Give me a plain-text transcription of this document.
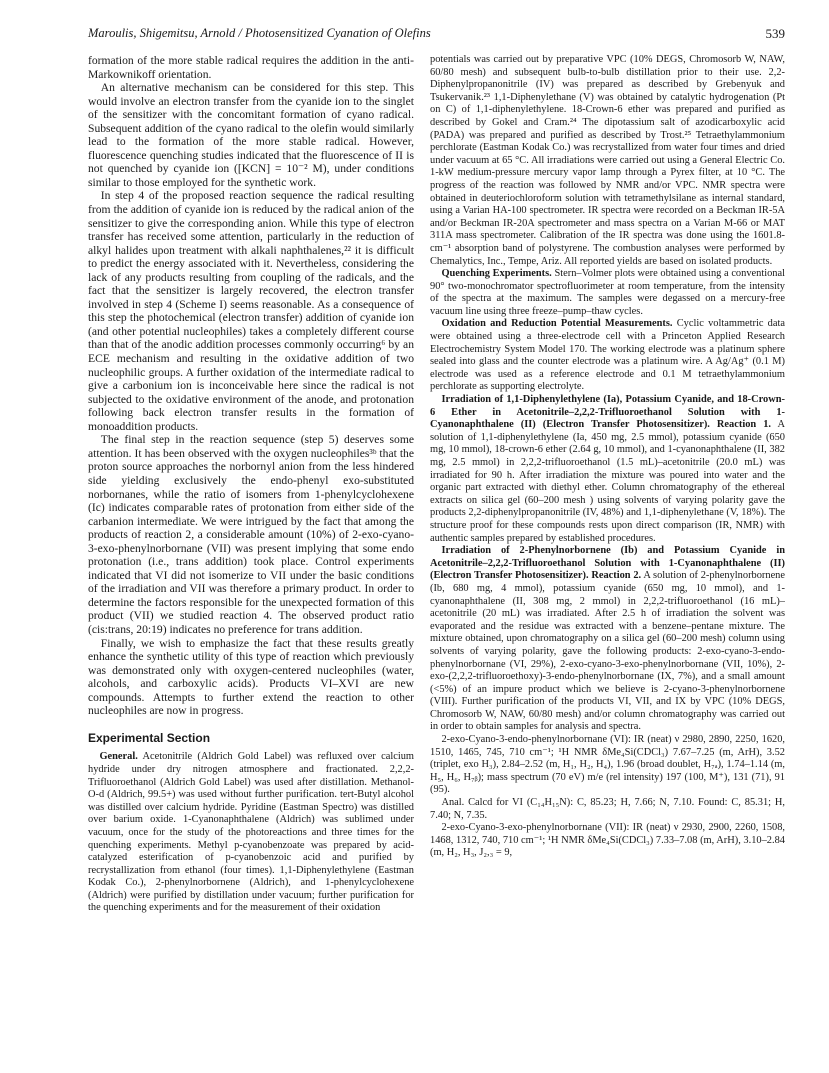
Maroulis, Shigemitsu, Arnold / Photosensitized Cyanation of Olefins	539

formation of the more stable radical requires the addition in the anti-Markownikoff orientation.

An alternative mechanism can be considered for this step. This would involve an electron transfer from the cyanide ion to the singlet of the sensitizer with the concomitant formation of cyano radical. Subsequent addition of the cyano radical to the olefin would similarly lead to the formation of the more stable radical. However, fluorescence quenching studies indicated that the fluorescence of II is not quenched by cyanide ion ([KCN] = 10⁻² M), under conditions similar to those employed for the synthetic work.

In step 4 of the proposed reaction sequence the radical resulting from the addition of cyanide ion is reduced by the radical anion of the sensitizer to give the corresponding anion. While this type of electron transfer has received some attention, particularly in the reduction of alkyl halides upon treatment with alkali naphthalenes,²² it is difficult to predict the energy associated with it. Nevertheless, considering the lack of any products resulting from coupling of the radicals, and the fact that the sensitizer is largely recovered, the electron transfer involved in step 4 (Scheme I) seems reasonable. As a consequence of this step the photochemical (electron transfer) addition of cyanide ion (and other potential nucleophiles) takes a completely different course than that of the anodic addition processes commonly occurring⁶ by an ECE mechanism and resulting in the oxidative addition of two nucleophilic groups. A further oxidation of the intermediate radical to give a carbonium ion is inconceivable here since the radical is not subjected to the oxidative environment of the anode, and protonation following back electron transfer results in the formation of monoaddition products.

The final step in the reaction sequence (step 5) deserves some attention. It has been observed with the oxygen nucleophiles³ᵇ that the proton source approaches the norbornyl anion from the less hindered side yielding exclusively the endo-phenyl exo-substituted norbornanes, while the ratio of isomers from 1-phenylcyclohexene (Ic) indicates comparable rates of protonation from either side of the carbanion intermediate. We were intrigued by the fact that among the products of reaction 2, a considerable amount (10%) of 2-exo-cyano-3-exo-phenylnorbornane (VII) was present implying that some endo protonation (i.e., trans addition) took place. Control experiments indicated that VI did not isomerize to VII under the basic conditions of the irradiation and VII was therefore a primary product. In order to determine the factors responsible for the unexpected formation of this product (VII) we studied reaction 4. The observed product ratio (cis:trans, 20:19) indicates no preference for trans addition.

Finally, we wish to emphasize the fact that these results greatly enhance the synthetic utility of this type of reaction which previously was demonstrated only with oxygen-centered nucleophiles (water, alcohols, and carboxylic acids). Products VI–XVI are new compounds. Attempts to further extend the reaction to other nucleophiles are now in progress.

Experimental Section

General. Acetonitrile (Aldrich Gold Label) was refluxed over calcium hydride under dry nitrogen atmosphere and fractionated. 2,2,2-Trifluoroethanol (Aldrich Gold Label) was used after distillation. Methanol-O-d (Aldrich, 99.5+) was used without further purification. tert-Butyl alcohol was distilled over calcium hydride. Pyridine (Eastman Spectro) was distilled over barium oxide. 1-Cyanonaphthalene (Aldrich) was sublimed under vacuum, once for the study of the photoreactions and three times for the quenching experiments. Methyl p-cyanobenzoate was prepared by acid-catalyzed esterification of p-cyanobenzoic acid and purified by recrystallization from ethanol (four times). 1,1-Diphenylethylene (Eastman Kodak Co.), 2-phenylnorbornene (Aldrich), and 1-phenylcyclohexene (Aldrich) were purified by distillation under vacuum; further purification for the quenching experiments and for the measurement of their oxidation

potentials was carried out by preparative VPC (10% DEGS, Chromosorb W, NAW, 60/80 mesh) and subsequent bulb-to-bulb distillation prior to their use. 2,2-Diphenylpropanonitrile (IV) was prepared as described by Grebenyuk and Tsukervanik.²³ 1,1-Diphenylethane (V) was obtained by catalytic hydrogenation (Pt on C) of 1,1-diphenylethylene. 18-Crown-6 ether was prepared and purified as described by Gokel and Cram.²⁴ The dipotassium salt of azodicarboxylic acid (PADA) was prepared and purified as described by Trost.²⁵ Tetraethylammonium perchlorate (Eastman Kodak Co.) was recrystallized from water four times and dried under vacuum at 65 °C. All irradiations were carried out using a General Electric Co. 1-kW medium-pressure mercury vapor lamp through a Pyrex filter, at 10 °C. The progress of the reaction was followed by NMR and/or VPC. NMR spectra were obtained in deuteriochloroform solution with tetramethylsilane as internal standard, using a Varian HA-100 spectrometer. IR spectra were recorded on a Beckman IR-5A and/or Beckman IR-20A spectrometer and mass spectra on a Varian M-66 or MAT 311A mass spectrometer. Calibration of the IR spectra was done using the 1601.8-cm⁻¹ absorption band of polystyrene. The combustion analyses were performed by Chemalytics, Inc., Tempe, Ariz. All reported yields are based on isolated products.

Quenching Experiments. Stern–Volmer plots were obtained using a conventional 90° two-monochromator spectrofluorimeter at room temperature, from the intensity of the spectra at the maximum. The samples were degassed on a mercury-free vacuum line using three freeze–pump–thaw cycles.

Oxidation and Reduction Potential Measurements. Cyclic voltammetric data were obtained using a three-electrode cell with a Princeton Applied Research Electrochemistry System Model 170. The working electrode was a platinum sphere sealed into glass and the counter electrode was a platinum wire. A Ag/Ag⁺ (0.1 M) electrode was used as a reference electrode and 0.1 M tetraethylammonium perchlorate as supporting electrolyte.

Irradiation of 1,1-Diphenylethylene (Ia), Potassium Cyanide, and 18-Crown-6 Ether in Acetonitrile–2,2,2-Trifluoroethanol Solution with 1-Cyanonaphthalene (II) (Electron Transfer Photosensitizer). Reaction 1. A solution of 1,1-diphenylethylene (Ia, 450 mg, 2.5 mmol), potassium cyanide (650 mg, 10 mmol), 18-crown-6 ether (2.64 g, 10 mmol), and 1-cyanonaphthalene (II, 382 mg, 2.5 mmol) in 2,2,2-trifluoroethanol (1.5 mL)–acetonitrile (20.0 mL) was irradiated for 90 h. After irradiation the mixture was poured into water and the organic part extracted with diethyl ether. Column chromatography of the ethereal extracts on silica gel (60–200 mesh ) using solvents of varying polarity gave the products 2,2-diphenylpropanonitrile (IV, 48%) and 1,1-diphenylethane (V, 18%). The structure proof for these compounds rests upon direct comparison (IR, NMR) with authentic samples prepared by established procedures.

Irradiation of 2-Phenylnorbornene (Ib) and Potassium Cyanide in Acetonitrile–2,2,2-Trifluoroethanol Solution with 1-Cyanonaphthalene (II) (Electron Transfer Photosensitizer). Reaction 2. A solution of 2-phenylnorbornene (Ib, 680 mg, 4 mmol), potassium cyanide (650 mg, 10 mmol), and 1-cyanonaphthalene (II, 308 mg, 2 mmol) in 2,2,2-trifluoroethanol (16 mL)–acetonitrile (20 mL) was irradiated. After 2.5 h of irradiation the solvent was evaporated and the residue was extracted with a benzene–pentane mixture. The mixture obtained, upon chromatography on a silica gel (60–200 mesh) column using solvents of varying polarity, gave the following products: 2-exo-cyano-3-endo-phenylnorbornane (VI, 29%), 2-exo-cyano-3-exo-phenylnorbornane (VII, 10%), 2-exo-(2,2,2-trifluoroethoxy)-3-endo-phenylnorbornane (IX, 7%), and a small amount (<5%) of an impure product which we believe is 2-cyano-3-phenylnorbornene (VIII). Further purification of the products VI, VII, and IX by VPC (10% DEGS, Chromosorb W, NAW, 60/80 mesh) and/or column chromatography was carried out in order to obtain samples for analysis and spectra.

2-exo-Cyano-3-endo-phenylnorbornane (VI): IR (neat) ν 2980, 2890, 2250, 1620, 1510, 1465, 745, 710 cm⁻¹; ¹H NMR δMe₄Si(CDCl₃) 7.67–7.25 (m, ArH), 3.52 (triplet, exo H₃), 2.84–2.52 (m, H₁, H₂, H₄), 1.96 (broad doublet, H₇ₐ), 1.74–1.14 (m, H₅, H₆, H₇ᵦ); mass spectrum (70 eV) m/e (rel intensity) 197 (100, M⁺), 131 (71), 91 (95).

Anal. Calcd for VI (C₁₄H₁₅N): C, 85.23; H, 7.66; N, 7.10. Found: C, 85.31; H, 7.40; N, 7.35.

2-exo-Cyano-3-exo-phenylnorbornane (VII): IR (neat) ν 2930, 2900, 2260, 1508, 1468, 1312, 740, 710 cm⁻¹; ¹H NMR δMe₄Si(CDCl₃) 7.33–7.08 (m, ArH), 3.10–2.84 (m, H₂, H₃, J₂,₃ = 9,
